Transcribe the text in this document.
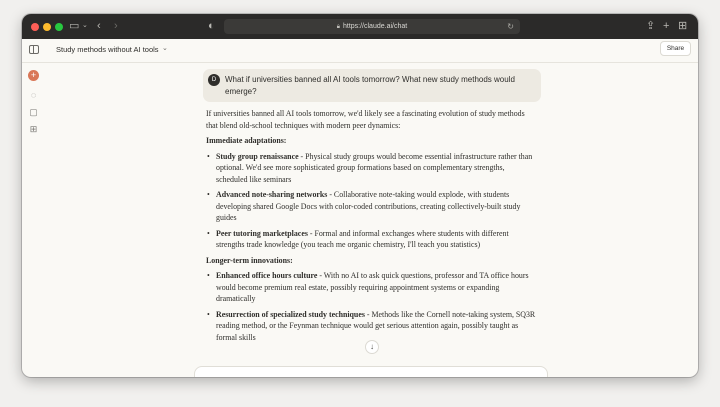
▭ ⌄ ‹ ›	◐	🔒︎ https://claude.ai/chat	↻	⇪ + ⊞
Study methods without AI tools ⌄	Share
+
◌
▢
⊞
D	What if universities banned all AI tools tomorrow? What new study methods would emerge?

If universities banned all AI tools tomorrow, we'd likely see a fascinating evolution of study methods that blend old-school techniques with modern peer dynamics:

Immediate adaptations:

• Study group renaissance - Physical study groups would become essential infrastructure rather than optional. We'd see more sophisticated group formations based on complementary strengths, scheduled like seminars
• Advanced note-sharing networks - Collaborative note-taking would explode, with students developing shared Google Docs with color-coded contributions, creating collectively-built study guides
• Peer tutoring marketplaces - Formal and informal exchanges where students with different strengths trade knowledge (you teach me organic chemistry, I'll teach you statistics)

Longer-term innovations:

• Enhanced office hours culture - With no AI to ask quick questions, professor and TA office hours would become premium real estate, possibly requiring appointment systems or expanding dramatically
• Resurrection of specialized study techniques - Methods like the Cornell note-taking system, SQ3R reading method, or the Feynman technique would get serious attention again, possibly taught as formal skills
↓
